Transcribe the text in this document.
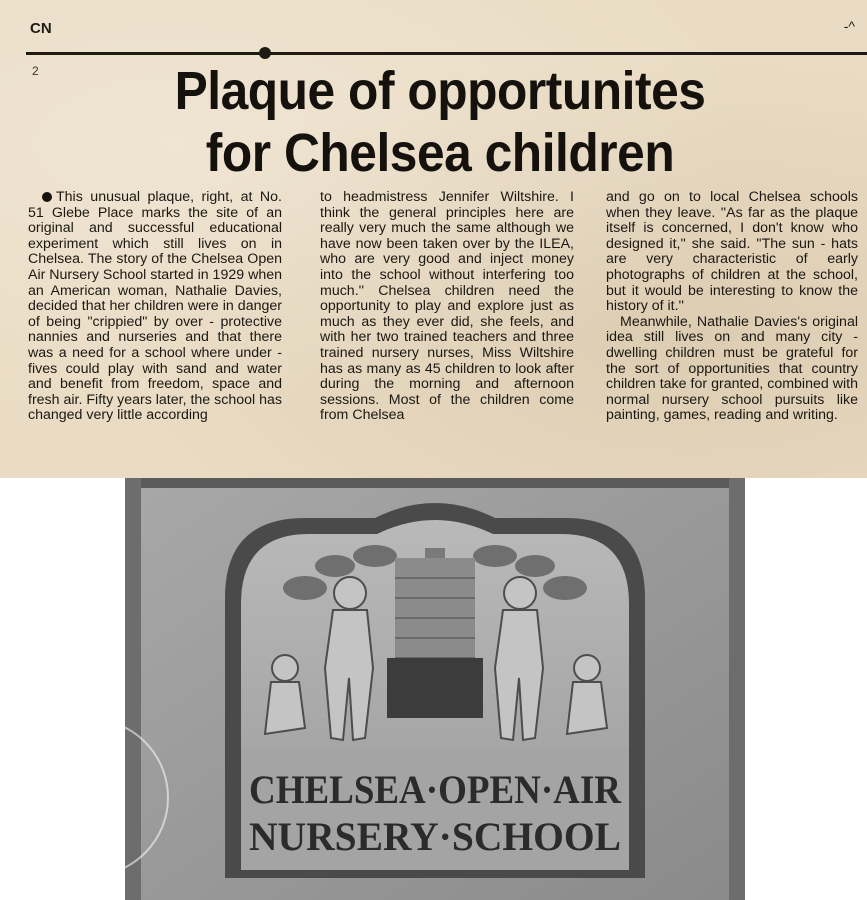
CN	-^
2	Plaque of opportunites
for Chelsea children

This unusual plaque, right, at No. 51 Glebe Place marks the site of an original and successful educational experiment which still lives on in Chelsea. The story of the Chelsea Open Air Nursery School started in 1929 when an American woman, Nathalie Davies, decided that her children were in danger of being "crippied" by over - protective nannies and nurseries and that there was a need for a school where under - fives could play with sand and water and benefit from freedom, space and fresh air. Fifty years later, the school has changed very little according

to headmistress Jennifer Wiltshire. I think the general principles here are really very much the same although we have now been taken over by the ILEA, who are very good and inject money into the school without interfering too much.'' Chelsea children need the opportunity to play and explore just as much as they ever did, she feels, and with her two trained teachers and three trained nursery nurses, Miss Wiltshire has as many as 45 children to look after during the morning and afternoon sessions. Most of the children come from Chelsea

and go on to local Chelsea schools when they leave. ''As far as the plaque itself is concerned, I don't know who designed it,'' she said. ''The sun - hats are very characteristic of early photographs of children at the school, but it would be interesting to know the history of it.''

Meanwhile, Nathalie Davies's original idea still lives on and many city - dwelling children must be grateful for the sort of opportunities that country children take for granted, combined with normal nursery school pursuits like painting, games, reading and writing.

CHELSEA·OPEN·AIR
NURSERY·SCHOOL
